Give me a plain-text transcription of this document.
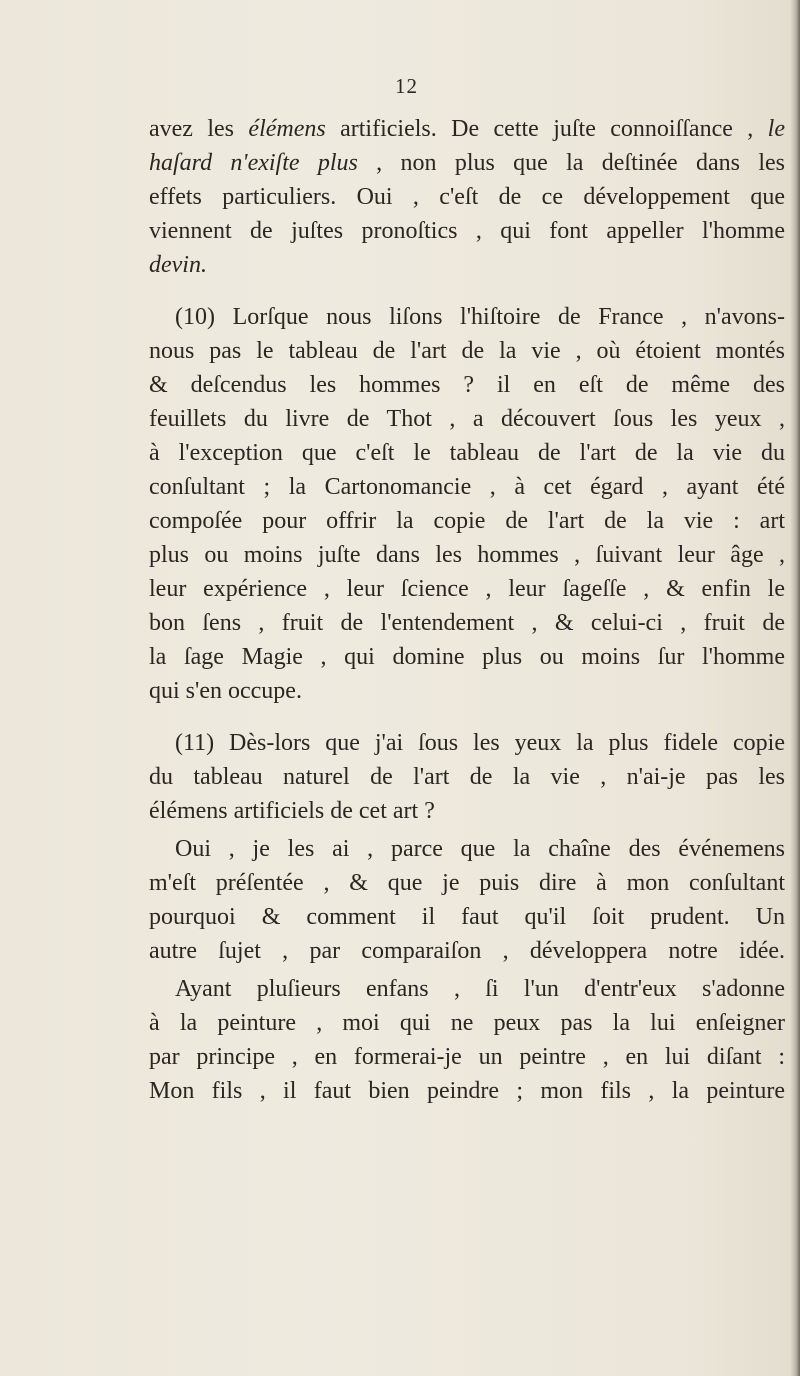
12
avez les élémens artificiels. De cette juſte connoiſſance , le
haſard n'exiſte plus , non plus que la deſtinée dans les
effets particuliers. Oui , c'eſt de ce développement que
viennent de juſtes pronoſtics , qui font appeller l'homme
devin.
(10) Lorſque nous liſons l'hiſtoire de France , n'avons-
nous pas le tableau de l'art de la vie , où étoient montés
& deſcendus les hommes ? il en eſt de même des
feuillets du livre de Thot , a découvert ſous les yeux ,
à l'exception que c'eſt le tableau de l'art de la vie du
conſultant ; la Cartonomancie , à cet égard , ayant été
compoſée pour offrir la copie de l'art de la vie : art
plus ou moins juſte dans les hommes , ſuivant leur âge ,
leur expérience , leur ſcience , leur ſageſſe , & enfin le
bon ſens , fruit de l'entendement , & celui-ci , fruit de
la ſage Magie , qui domine plus ou moins ſur l'homme
qui s'en occupe.
(11) Dès-lors que j'ai ſous les yeux la plus fidele copie
du tableau naturel de l'art de la vie , n'ai-je pas les
élémens artificiels de cet art ?
Oui , je les ai , parce que la chaîne des événemens
m'eſt préſentée , & que je puis dire à mon conſultant
pourquoi & comment il faut qu'il ſoit prudent. Un
autre ſujet , par comparaiſon , développera notre idée.
Ayant pluſieurs enfans , ſi l'un d'entr'eux s'adonne
à la peinture , moi qui ne peux pas la lui enſeigner
par principe , en formerai-je un peintre , en lui diſant :
Mon fils , il faut bien peindre ; mon fils , la peinture
